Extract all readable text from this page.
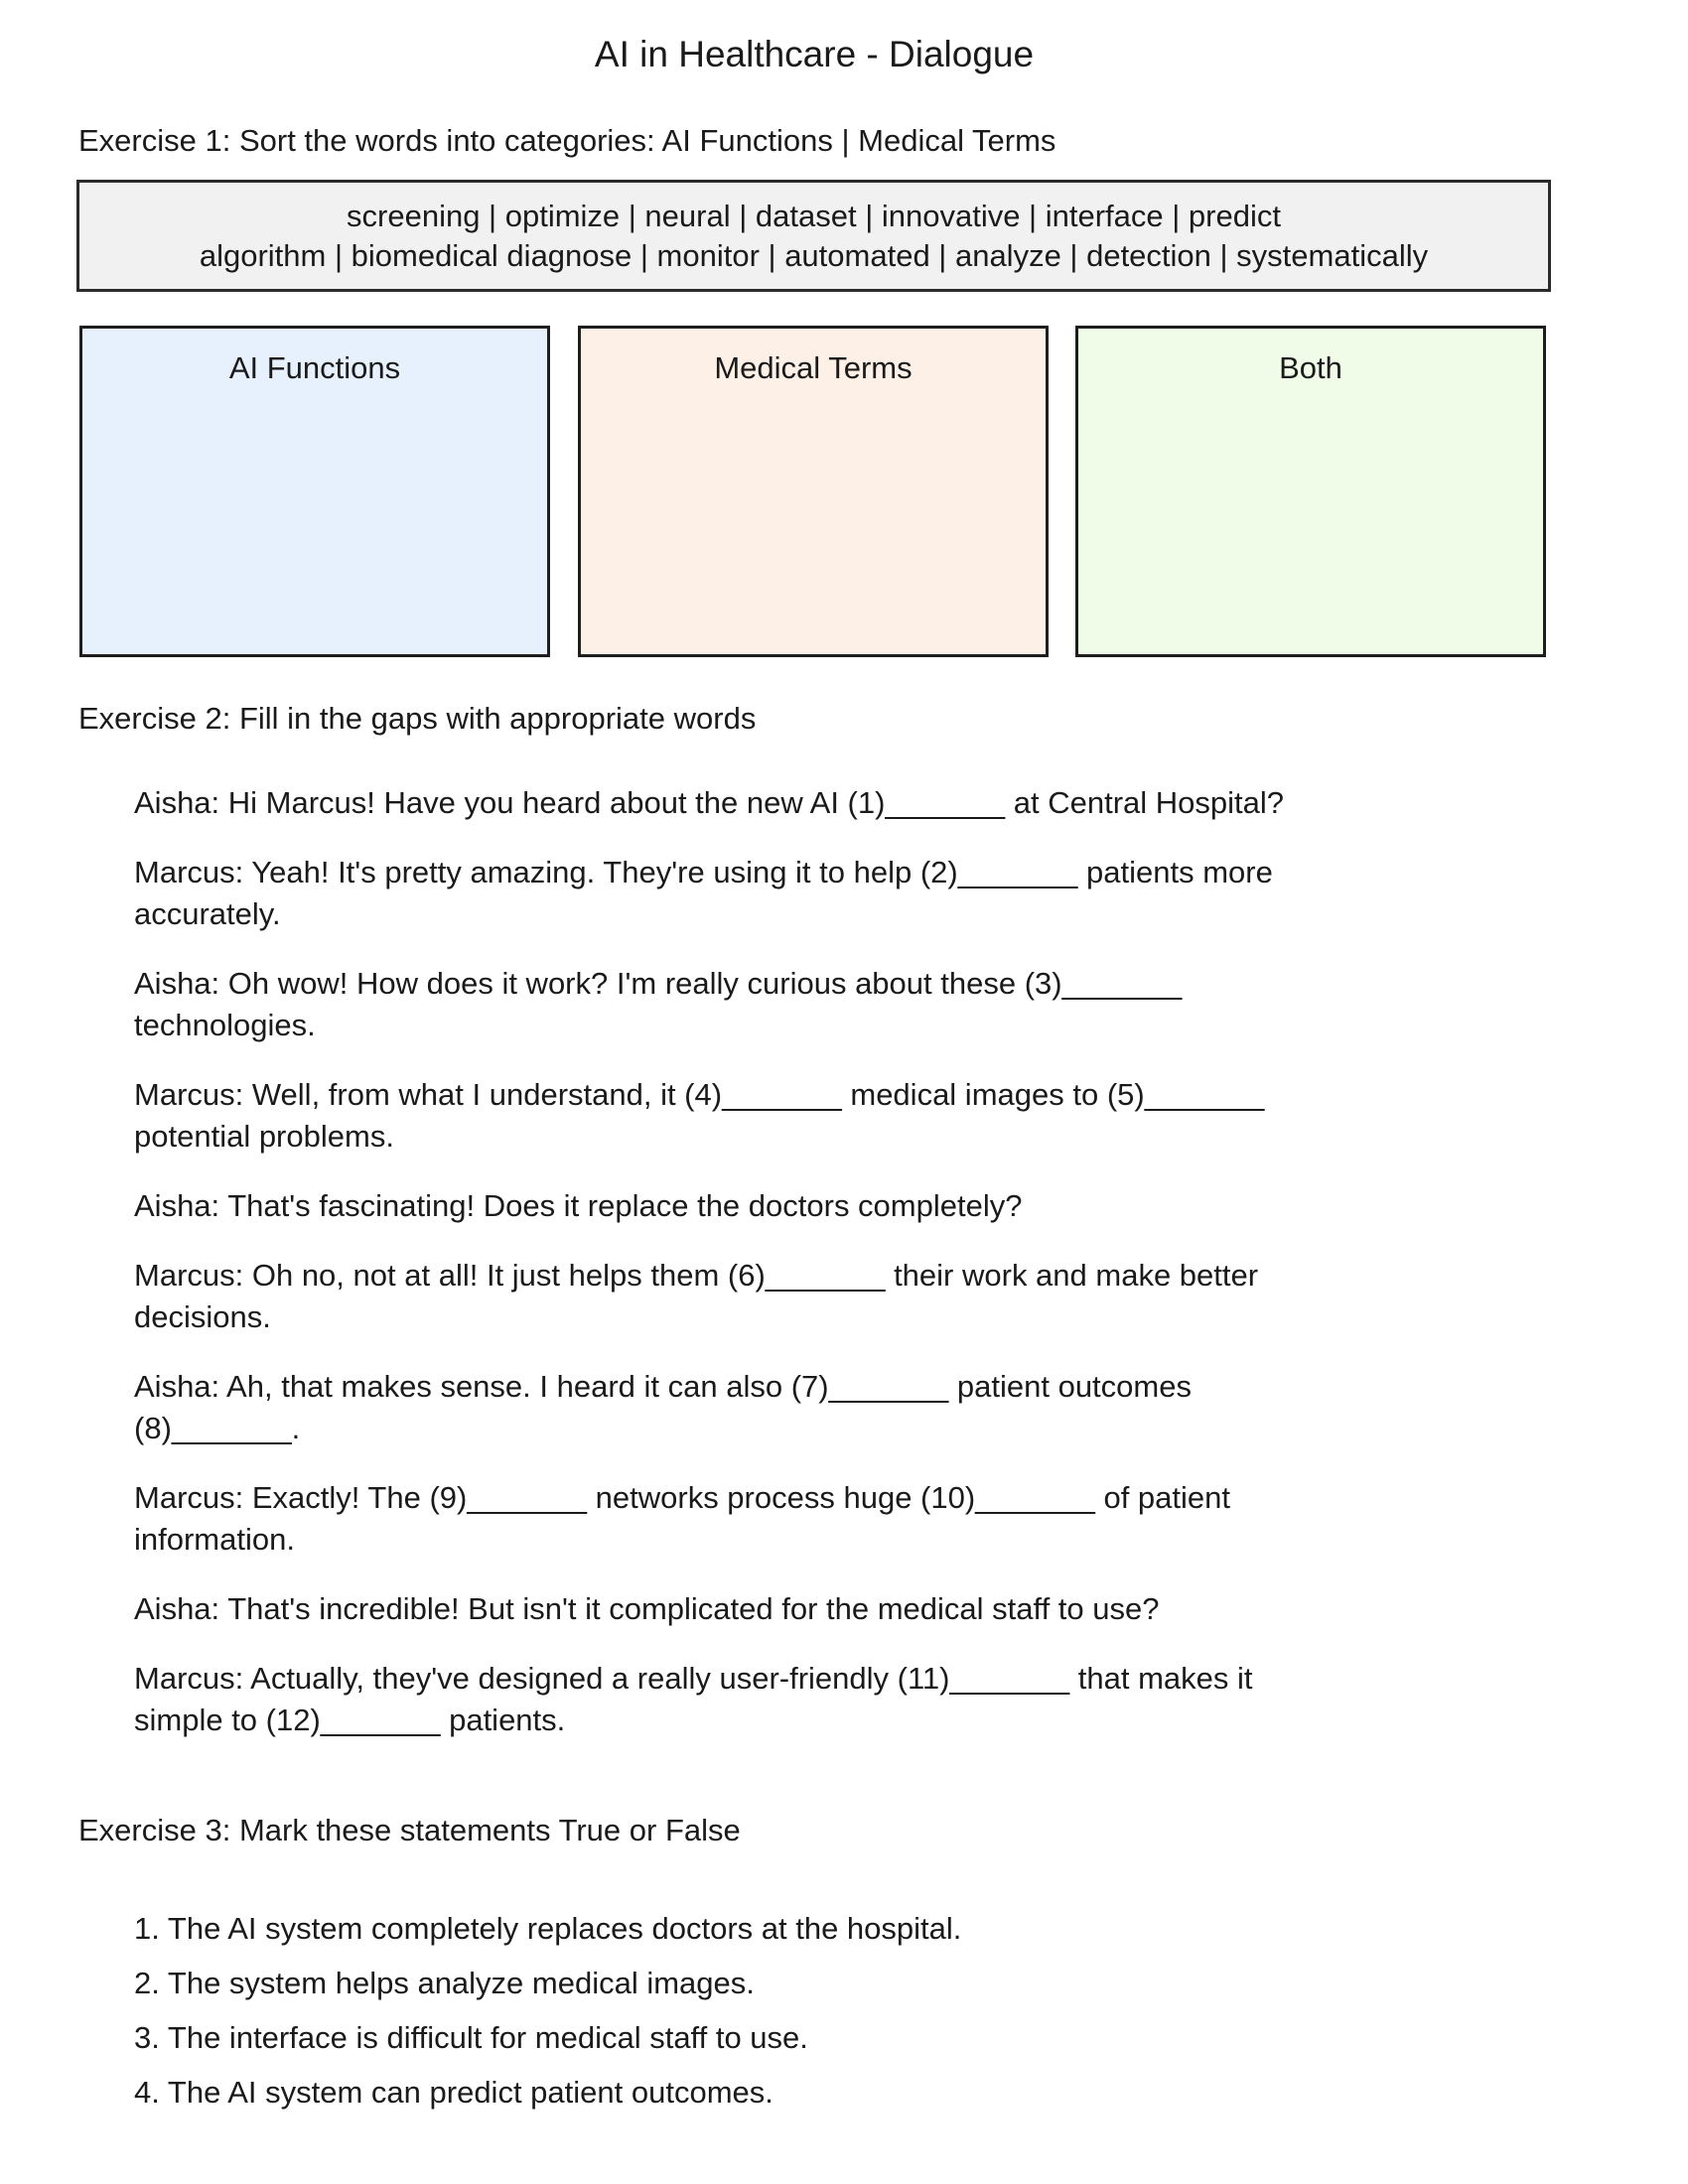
AI in Healthcare - Dialogue
Exercise 1: Sort the words into categories: AI Functions | Medical Terms
screening | optimize | neural | dataset | innovative | interface | predict
algorithm | biomedical diagnose | monitor | automated | analyze | detection | systematically
AI Functions	Medical Terms	Both
Exercise 2: Fill in the gaps with appropriate words

Aisha: Hi Marcus! Have you heard about the new AI (1)_______ at Central Hospital?

Marcus: Yeah! It's pretty amazing. They're using it to help (2)_______ patients more
accurately.

Aisha: Oh wow! How does it work? I'm really curious about these (3)_______
technologies.

Marcus: Well, from what I understand, it (4)_______ medical images to (5)_______
potential problems.

Aisha: That's fascinating! Does it replace the doctors completely?

Marcus: Oh no, not at all! It just helps them (6)_______ their work and make better
decisions.

Aisha: Ah, that makes sense. I heard it can also (7)_______ patient outcomes
(8)_______.

Marcus: Exactly! The (9)_______ networks process huge (10)_______ of patient
information.

Aisha: That's incredible! But isn't it complicated for the medical staff to use?

Marcus: Actually, they've designed a really user-friendly (11)_______ that makes it
simple to (12)_______ patients.

Exercise 3: Mark these statements True or False

1. The AI system completely replaces doctors at the hospital.

2. The system helps analyze medical images.

3. The interface is difficult for medical staff to use.

4. The AI system can predict patient outcomes.
